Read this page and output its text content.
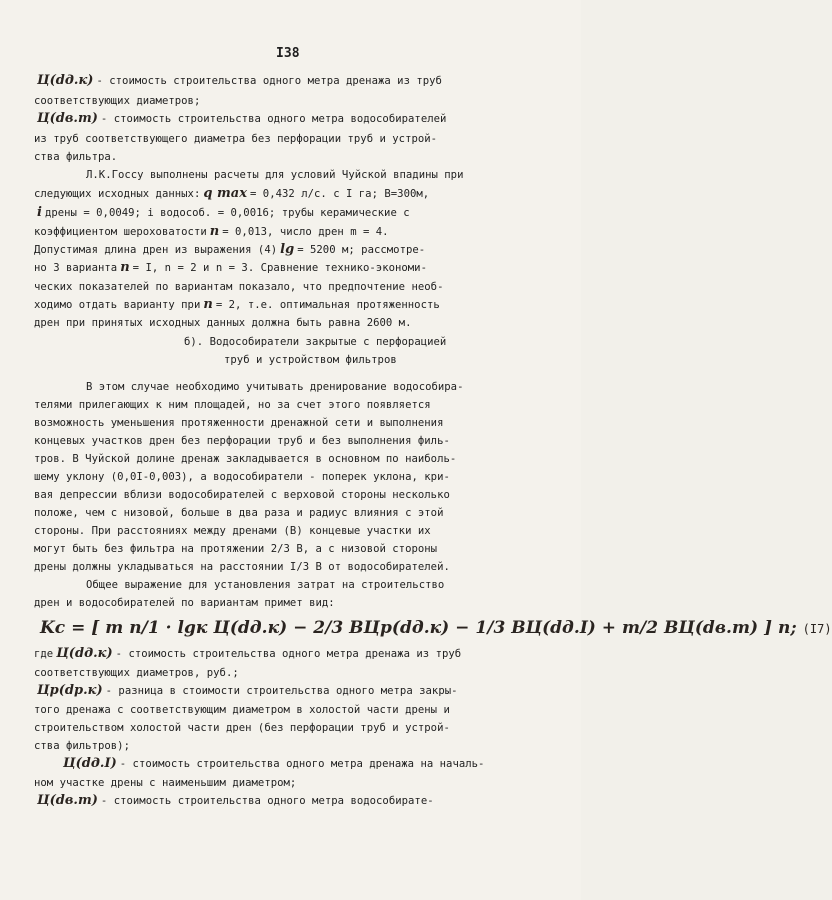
I38
Ц(dд.к) - стоимость строительства одного метра дренажа из труб
соответствующих диаметров;
Ц(dв.т) - стоимость строительства одного метра водособирателей
из труб соответствующего диаметра без перфорации труб и устрой-
ства фильтра.
Л.К.Госсу выполнены расчеты для условий Чуйской впадины при
следующих исходных данных: q max = 0,432 л/с. с I га; В=300м,
i дрены = 0,0049; i водособ. = 0,0016; трубы керамические с
коэффициентом шероховатости n = 0,013, число дрен m = 4.
Допустимая длина дрен из выражения (4) lg = 5200 м; рассмотре-
но 3 варианта n = I, n = 2 и n = 3. Сравнение технико-экономи-
ческих показателей по вариантам показало, что предпочтение необ-
ходимо отдать варианту при n = 2, т.е. оптимальная протяженность
дрен при принятых исходных данных должна быть равна 2600 м.
б). Водособиратели закрытые с перфорацией
труб и устройством фильтров
В этом случае необходимо учитывать дренирование водособира-
телями прилегающих к ним площадей, но за счет этого появляется
возможность уменьшения протяженности дренажной сети и выполнения
концевых участков дрен без перфорации труб и без выполнения филь-
тров. В Чуйской долине дренаж закладывается в основном по наиболь-
шему уклону (0,0I-0,003), а водособиратели - поперек уклона, кри-
вая депрессии вблизи водособирателей с верховой стороны несколько
положе, чем с низовой, больше в два раза и радиус влияния с этой
стороны. При расстояниях между дренами (В) концевые участки их
могут быть без фильтра на протяжении 2/3 В, а с низовой стороны
дрены должны укладываться на расстоянии I/3 В от водособирателей.
Общее выражение для установления затрат на строительство
дрен и водособирателей по вариантам примет вид:
где Ц(dд.к) - стоимость строительства одного метра дренажа из труб
соответствующих диаметров, руб.;
Цр(dр.к) - разница в стоимости строительства одного метра закры-
того дренажа с соответствующим диаметром в холостой части дрены и
строительством холостой части дрен (без перфорации труб и устрой-
ства фильтров);
Ц(dд.I) - стоимость строительства одного метра дренажа на началь-
ном участке дрены с наименьшим диаметром;
Ц(dв.т) - стоимость строительства одного метра водособирате-
Kc = [ m n/1 · lgк Ц(dд.к) − 2/3 BЦр(dд.к) − 1/3 BЦ(dд.I) + m/2 BЦ(dв.т) ] n; (I7)
